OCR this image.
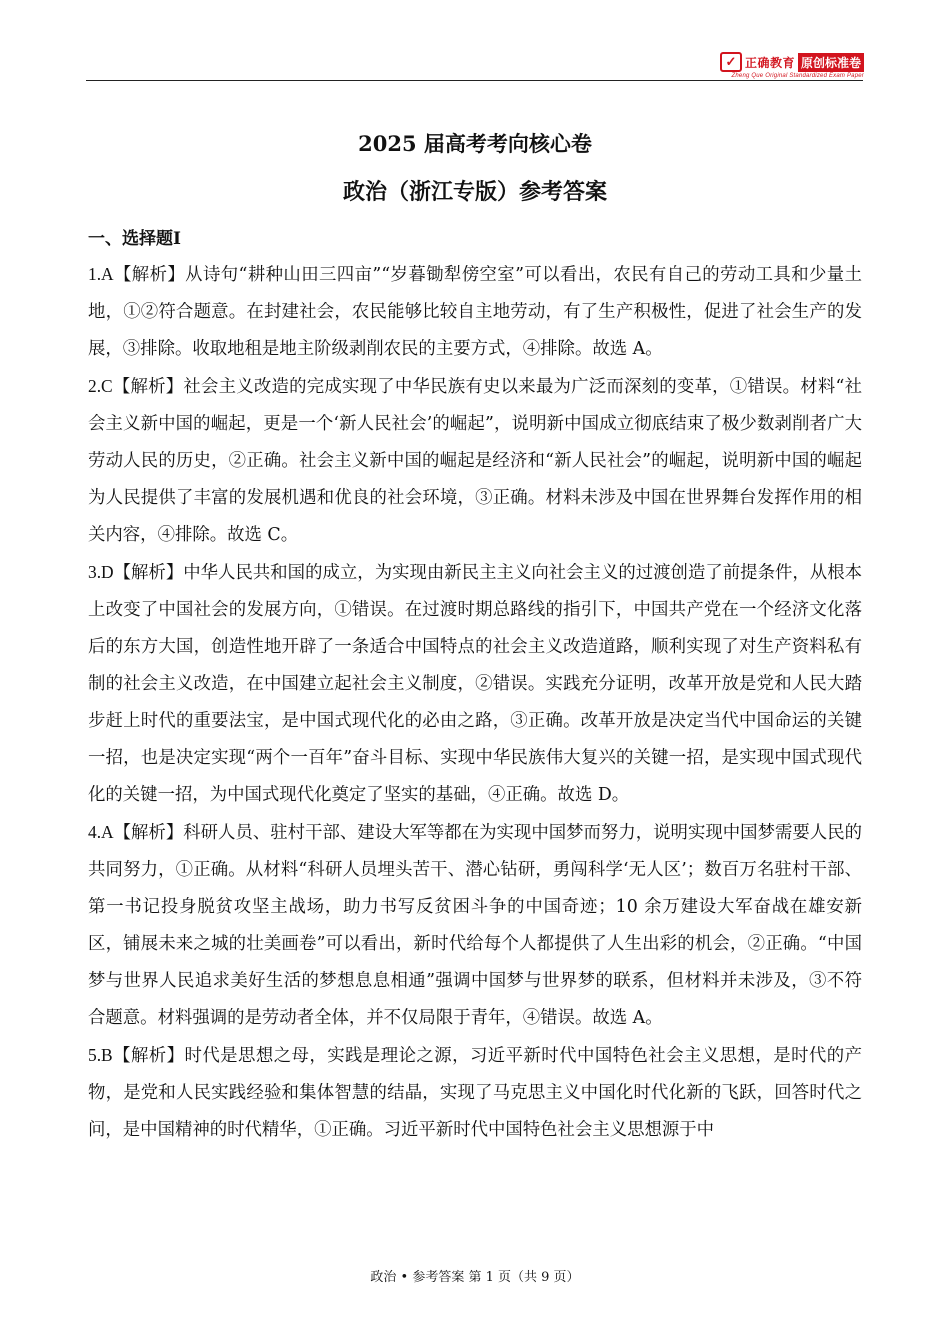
✓ 正确教育 原创标准卷
Zheng Que Original Standardized Exam Paper
2025 届高考考向核心卷
政治（浙江专版）参考答案
一、选择题Ⅰ

1.A【解析】从诗句“耕种山田三四亩”“岁暮锄犁傍空室”可以看出，农民有自己的劳动工具和少量土地，①②符合题意。在封建社会，农民能够比较自主地劳动，有了生产积极性，促进了社会生产的发展，③排除。收取地租是地主阶级剥削农民的主要方式，④排除。故选 A。

2.C【解析】社会主义改造的完成实现了中华民族有史以来最为广泛而深刻的变革，①错误。材料“社会主义新中国的崛起，更是一个‘新人民社会’的崛起”，说明新中国成立彻底结束了极少数剥削者广大劳动人民的历史，②正确。社会主义新中国的崛起是经济和“新人民社会”的崛起，说明新中国的崛起为人民提供了丰富的发展机遇和优良的社会环境，③正确。材料未涉及中国在世界舞台发挥作用的相关内容，④排除。故选 C。

3.D【解析】中华人民共和国的成立，为实现由新民主主义向社会主义的过渡创造了前提条件，从根本上改变了中国社会的发展方向，①错误。在过渡时期总路线的指引下，中国共产党在一个经济文化落后的东方大国，创造性地开辟了一条适合中国特点的社会主义改造道路，顺利实现了对生产资料私有制的社会主义改造，在中国建立起社会主义制度，②错误。实践充分证明，改革开放是党和人民大踏步赶上时代的重要法宝，是中国式现代化的必由之路，③正确。改革开放是决定当代中国命运的关键一招，也是决定实现“两个一百年”奋斗目标、实现中华民族伟大复兴的关键一招，是实现中国式现代化的关键一招，为中国式现代化奠定了坚实的基础，④正确。故选 D。

4.A【解析】科研人员、驻村干部、建设大军等都在为实现中国梦而努力，说明实现中国梦需要人民的共同努力，①正确。从材料“科研人员埋头苦干、潜心钻研，勇闯科学‘无人区’；数百万名驻村干部、第一书记投身脱贫攻坚主战场，助力书写反贫困斗争的中国奇迹；10 余万建设大军奋战在雄安新区，铺展未来之城的壮美画卷”可以看出，新时代给每个人都提供了人生出彩的机会，②正确。“中国梦与世界人民追求美好生活的梦想息息相通”强调中国梦与世界梦的联系，但材料并未涉及，③不符合题意。材料强调的是劳动者全体，并不仅局限于青年，④错误。故选 A。

5.B【解析】时代是思想之母，实践是理论之源，习近平新时代中国特色社会主义思想，是时代的产物，是党和人民实践经验和集体智慧的结晶，实现了马克思主义中国化时代化新的飞跃，回答时代之问，是中国精神的时代精华，①正确。习近平新时代中国特色社会主义思想源于中

政治 • 参考答案 第 1 页（共 9 页）
